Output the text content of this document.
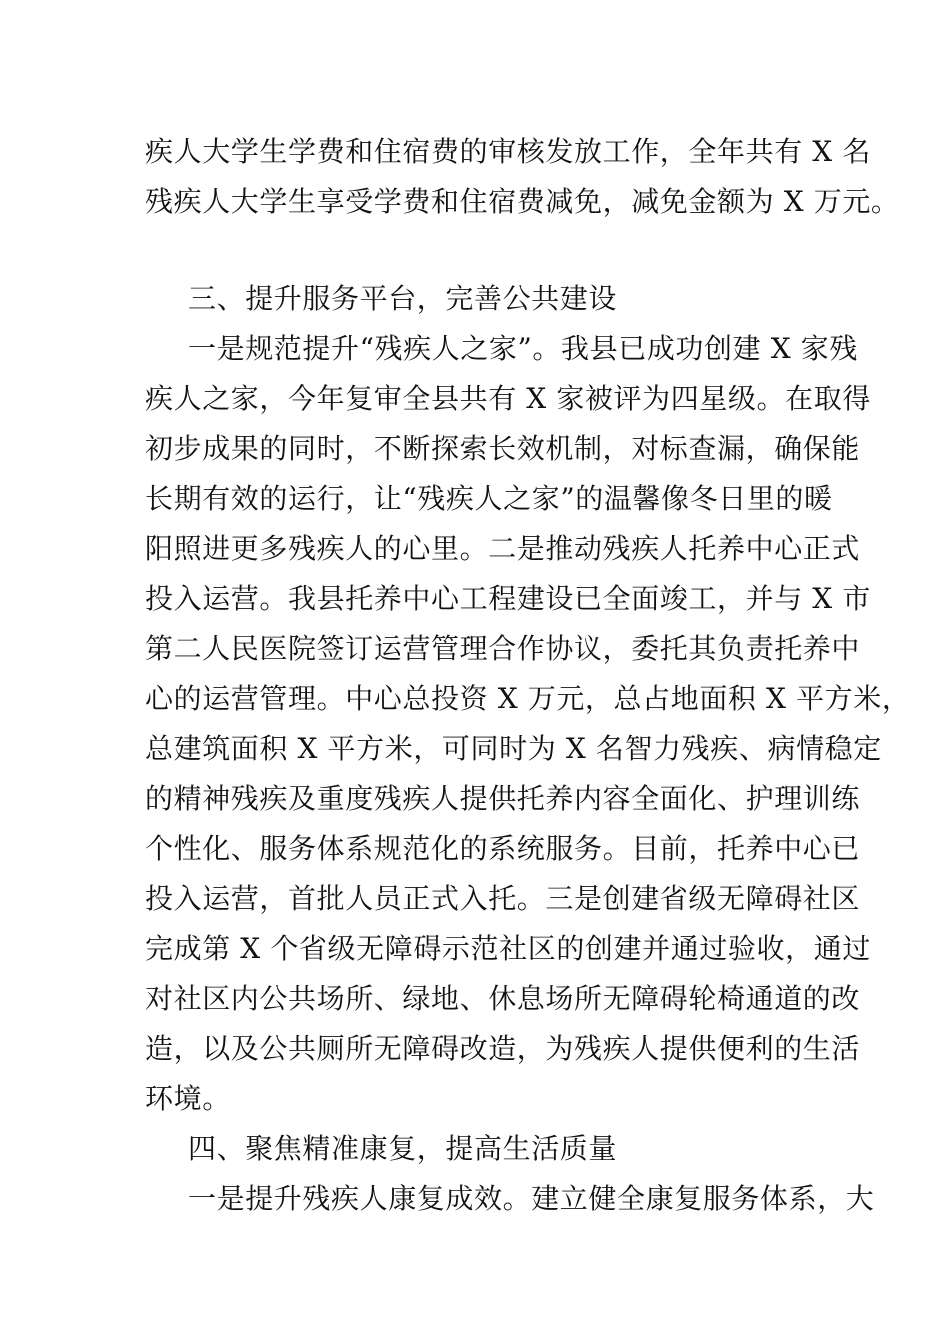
疾人大学生学费和住宿费的审核发放工作，全年共有 X 名
残疾人大学生享受学费和住宿费减免，减免金额为 X 万元。
三、提升服务平台，完善公共建设
一是规范提升“残疾人之家”。我县已成功创建 X 家残
疾人之家，今年复审全县共有 X 家被评为四星级。在取得
初步成果的同时，不断探索长效机制，对标查漏，确保能
长期有效的运行，让“残疾人之家”的温馨像冬日里的暖
阳照进更多残疾人的心里。二是推动残疾人托养中心正式
投入运营。我县托养中心工程建设已全面竣工，并与 X 市
第二人民医院签订运营管理合作协议，委托其负责托养中
心的运营管理。中心总投资 X 万元，总占地面积 X 平方米，
总建筑面积 X 平方米，可同时为 X 名智力残疾、病情稳定
的精神残疾及重度残疾人提供托养内容全面化、护理训练
个性化、服务体系规范化的系统服务。目前，托养中心已
投入运营，首批人员正式入托。三是创建省级无障碍社区
完成第 X 个省级无障碍示范社区的创建并通过验收，通过
对社区内公共场所、绿地、休息场所无障碍轮椅通道的改
造，以及公共厕所无障碍改造，为残疾人提供便利的生活
环境。
四、聚焦精准康复，提高生活质量
一是提升残疾人康复成效。建立健全康复服务体系，大
